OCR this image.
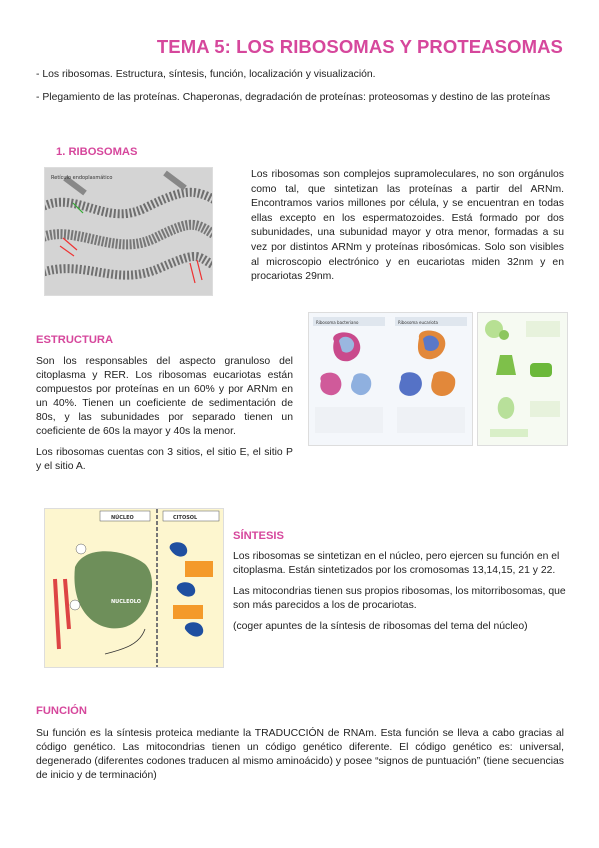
TEMA 5: LOS RIBOSOMAS Y PROTEASOMAS
- Los ribosomas. Estructura, síntesis, función, localización y visualización.
- Plegamiento de las proteínas. Chaperonas, degradación de proteínas: proteosomas y destino de las proteínas
1. RIBOSOMAS
Retículo endoplasmático	Los ribosomas son complejos supramoleculares, no son orgánulos como tal, que sintetizan las proteínas a partir del ARNm. Encontramos varios millones por célula, y se encuentran en todas ellas excepto en los espermatozoides. Está formado por dos subunidades, una subunidad mayor y otra menor, formadas a su vez por distintos ARNm y proteínas ribosómicas. Solo son visibles al microscopio electrónico y en eucariotas miden 32nm y en procariotas 29nm.
ESTRUCTURA

Son los responsables del aspecto granuloso del citoplasma y RER. Los ribosomas eucariotas están compuestos por proteínas en un 60% y por ARNm en un 40%. Tienen un coeficiente de sedimentación de 80s, y las subunidades por separado tienen un coeficiente de 60s la mayor y 40s la menor.

Los ribosomas cuentas con 3 sitios, el sitio E, el sitio P y el sitio A.

Ribosoma bacteriano	Ribosoma eucariota
NÚCLEO	CITOSOL
NUCLEOLO
SÍNTESIS

Los ribosomas se sintetizan en el núcleo, pero ejercen su función en el citoplasma. Están sintetizados por los cromosomas 13,14,15, 21 y 22.

Las mitocondrias tienen sus propios ribosomas, los mitorribosomas, que son más parecidos a los de procariotas.

(coger apuntes de la síntesis de ribosomas del tema del núcleo)

FUNCIÓN
Su función es la síntesis proteica mediante la TRADUCCIÓN de RNAm. Esta función se lleva a cabo gracias al código genético. Las mitocondrias tienen un código genético diferente. El código genético es: universal, degenerado (diferentes codones traducen al mismo aminoácido) y posee “signos de puntuación” (tiene secuencias de inicio y de terminación)
